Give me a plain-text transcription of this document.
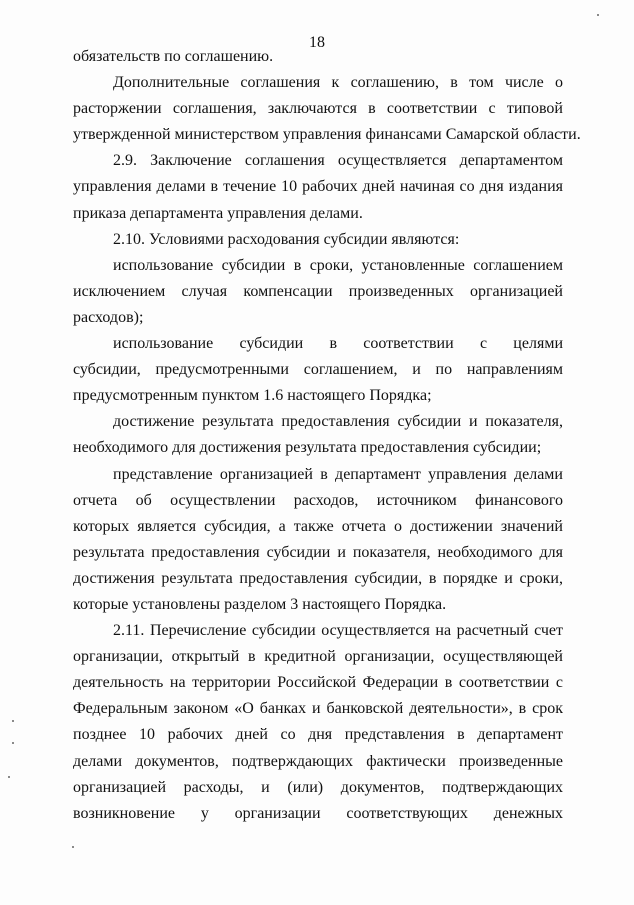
18
обязательств по соглашению.
Дополнительные соглашения к соглашению, в том числе о
расторжении соглашения, заключаются в соответствии с типовой
утвержденной министерством управления финансами Самарской области.
2.9. Заключение соглашения осуществляется департаментом
управления делами в течение 10 рабочих дней начиная со дня издания
приказа департамента управления делами.
2.10. Условиями расходования субсидии являются:
использование субсидии в сроки, установленные соглашением
исключением случая компенсации произведенных организацией
расходов);
использование субсидии в соответствии с целями
субсидии, предусмотренными соглашением, и по направлениям
предусмотренным пунктом 1.6 настоящего Порядка;
достижение результата предоставления субсидии и показателя,
необходимого для достижения результата предоставления субсидии;
представление организацией в департамент управления делами
отчета об осуществлении расходов, источником финансового
которых является субсидия, а также отчета о достижении значений
результата предоставления субсидии и показателя, необходимого для
достижения результата предоставления субсидии, в порядке и сроки,
которые установлены разделом 3 настоящего Порядка.
2.11. Перечисление субсидии осуществляется на расчетный счет
организации, открытый в кредитной организации, осуществляющей
деятельность на территории Российской Федерации в соответствии с
Федеральным законом «О банках и банковской деятельности», в срок
позднее 10 рабочих дней со дня представления в департамент
делами документов, подтверждающих фактически произведенные
организацией расходы, и (или) документов, подтверждающих
возникновение у организации соответствующих денежных
